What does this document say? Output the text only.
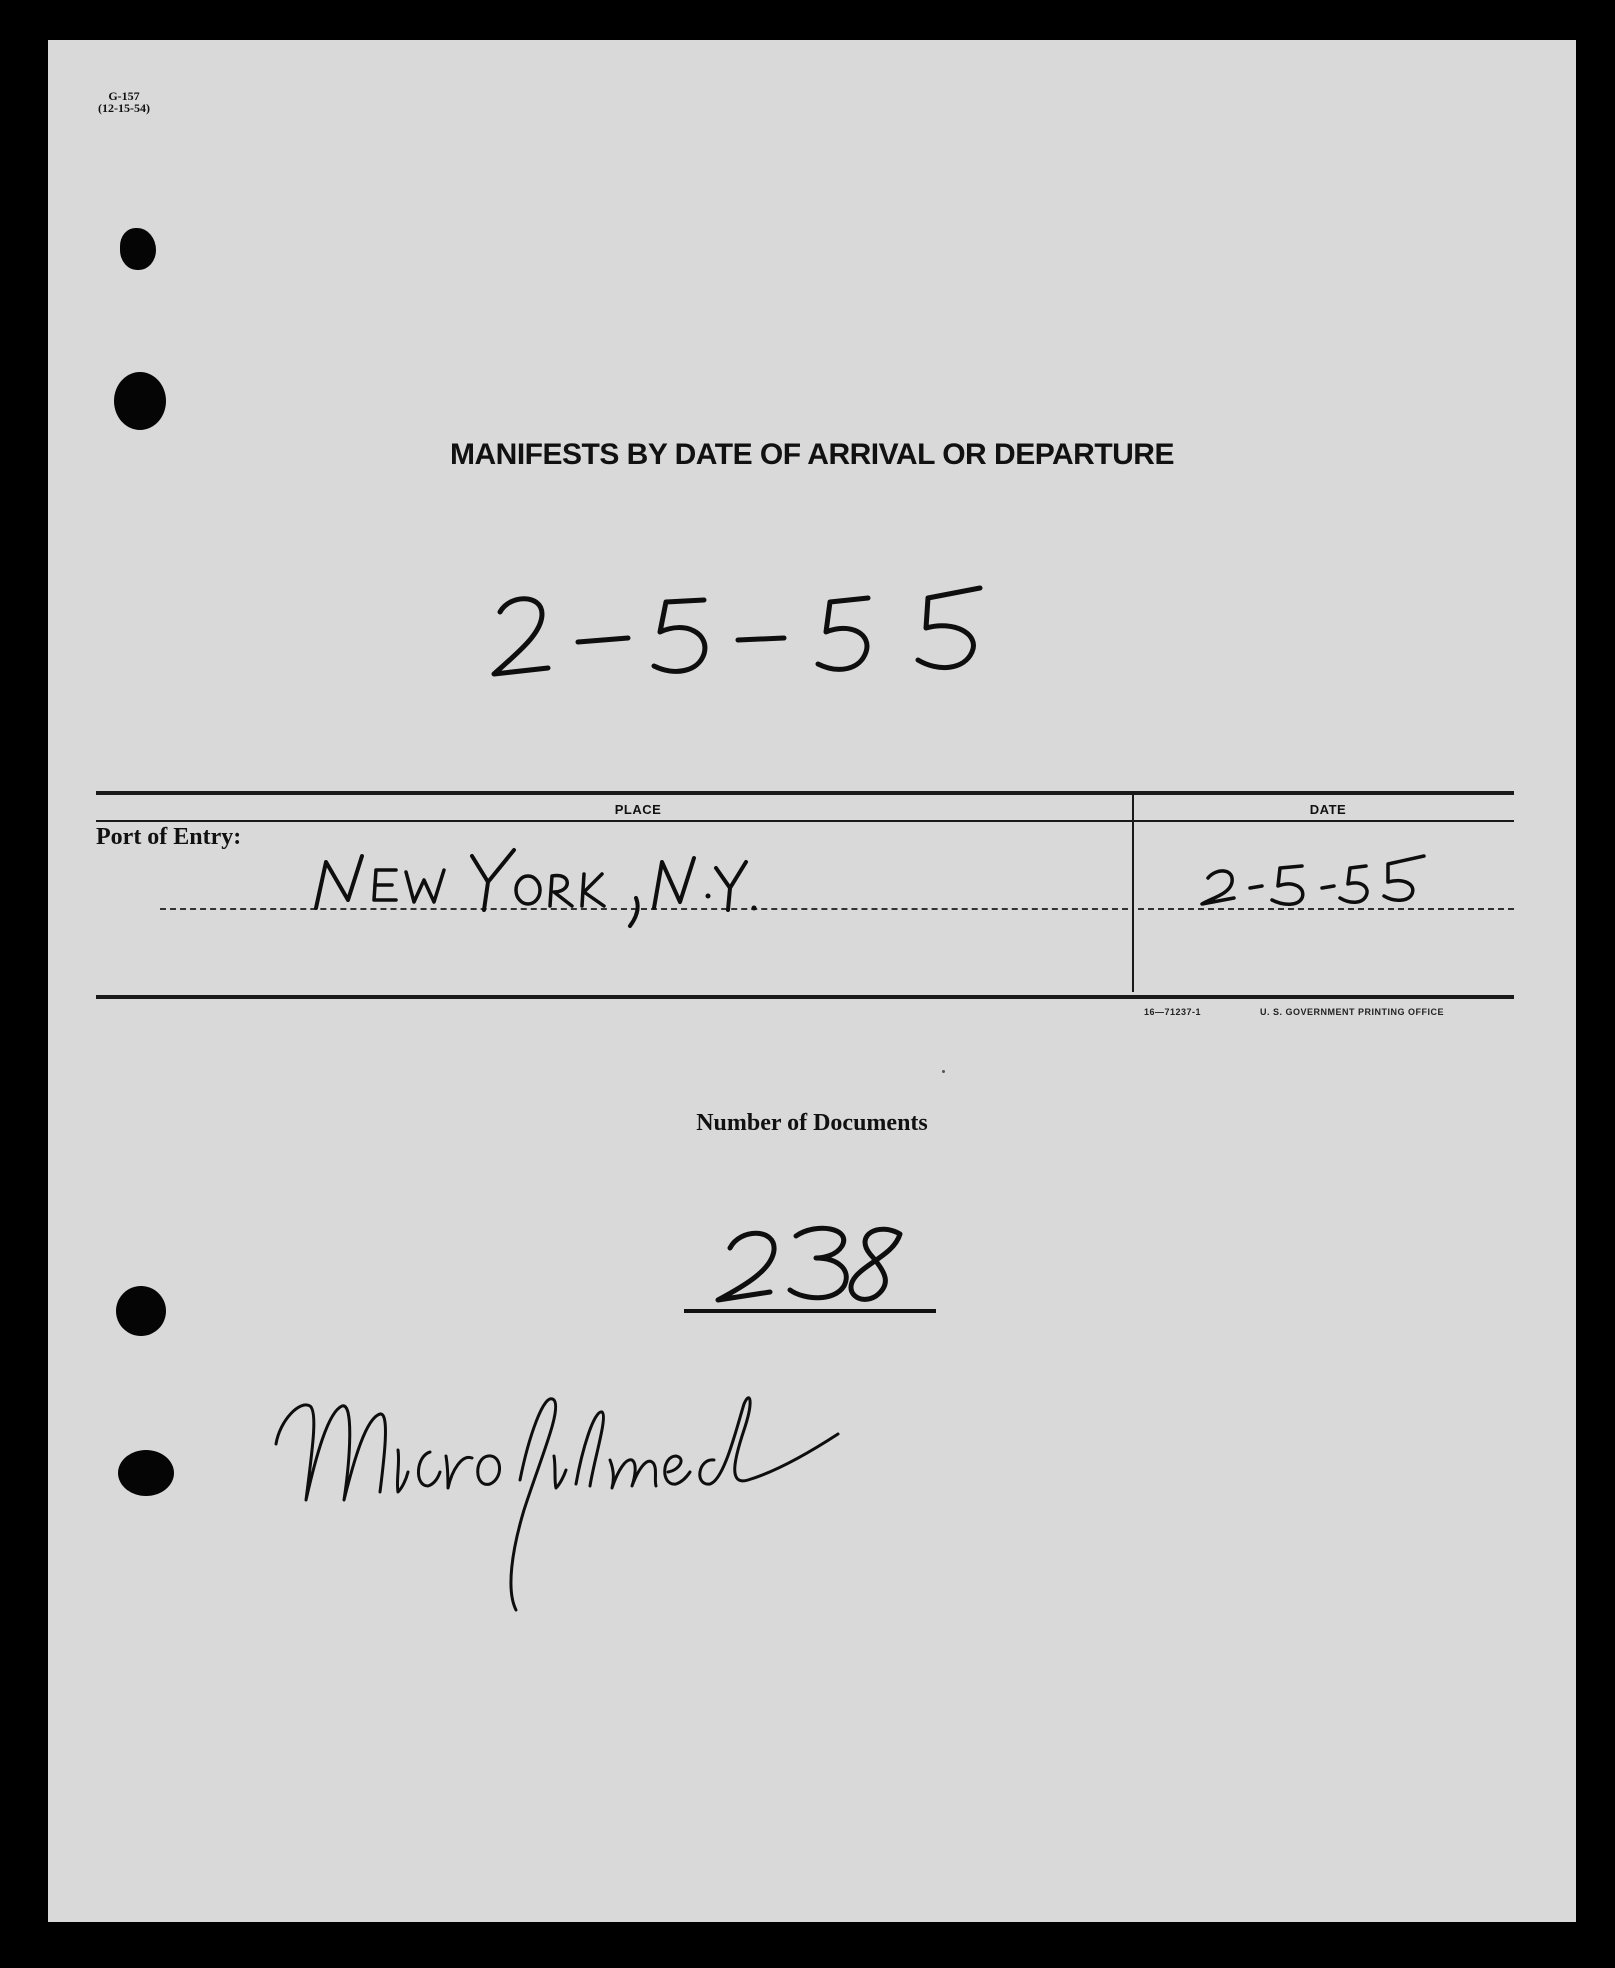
G-157
(12-15-54)
MANIFESTS BY DATE OF ARRIVAL OR DEPARTURE
PLACE	DATE
Port of Entry:
16—71237-1	U. S. GOVERNMENT PRINTING OFFICE
Number of Documents
